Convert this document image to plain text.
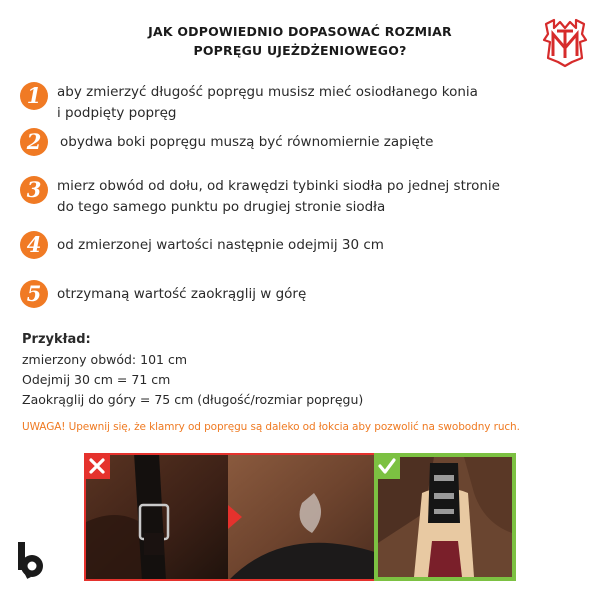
JAK ODPOWIEDNIO DOPASOWAĆ ROZMIAR
POPRĘGU UJEŻDŻENIOWEGO?
1	aby zmierzyć długość popręgu musisz mieć osiodłanego konia
i podpięty popręg
2	obydwa boki popręgu muszą być równomiernie zapięte
3	mierz obwód od dołu, od krawędzi tybinki siodła po jednej stronie
do tego samego punktu po drugiej stronie siodła
4	od zmierzonej wartości następnie odejmij 30 cm
5	otrzymaną wartość zaokrąglij w górę
Przykład:
zmierzony obwód: 101 cm
Odejmij 30 cm = 71 cm
Zaokrąglij do góry = 75 cm (długość/rozmiar popręgu)
UWAGA! Upewnij się, że klamry od popręgu są daleko od łokcia aby pozwolić na swobodny ruch.
